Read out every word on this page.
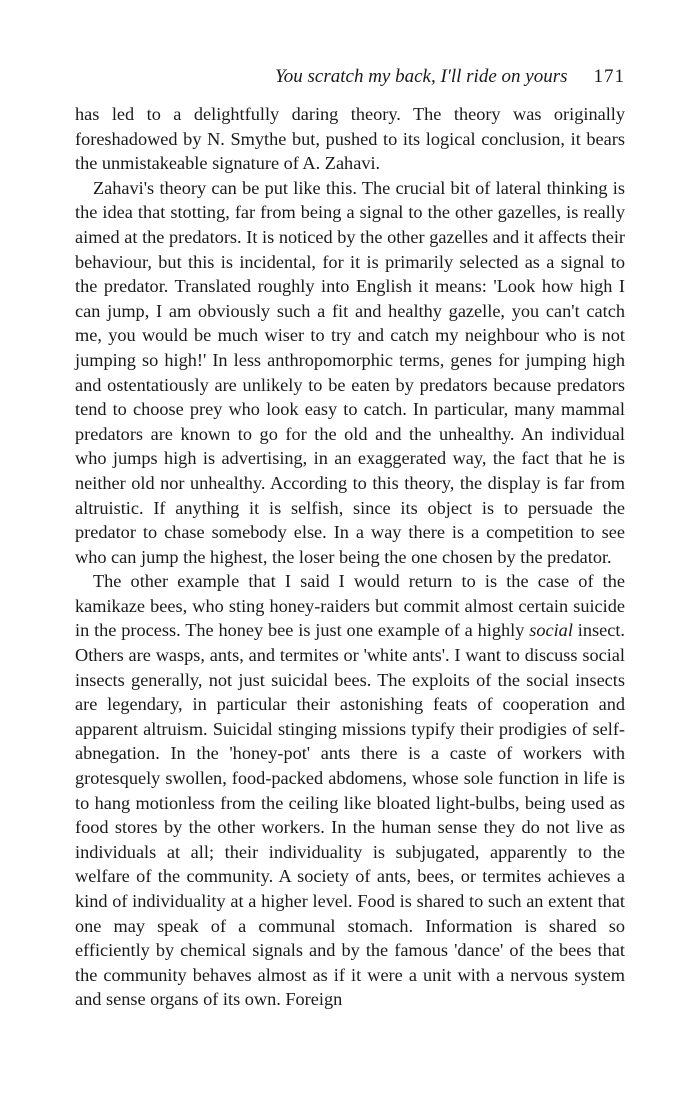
You scratch my back, I'll ride on yours 171

has led to a delightfully daring theory. The theory was originally foreshadowed by N. Smythe but, pushed to its logical conclusion, it bears the unmistakeable signature of A. Zahavi.

Zahavi's theory can be put like this. The crucial bit of lateral thinking is the idea that stotting, far from being a signal to the other gazelles, is really aimed at the predators. It is noticed by the other gazelles and it affects their behaviour, but this is incidental, for it is primarily selected as a signal to the predator. Translated roughly into English it means: 'Look how high I can jump, I am obviously such a fit and healthy gazelle, you can't catch me, you would be much wiser to try and catch my neighbour who is not jumping so high!' In less anthropomorphic terms, genes for jumping high and ostentatiously are unlikely to be eaten by predators because predators tend to choose prey who look easy to catch. In particular, many mammal predators are known to go for the old and the unhealthy. An individual who jumps high is advertising, in an exaggerated way, the fact that he is neither old nor unhealthy. According to this theory, the display is far from altruistic. If anything it is selfish, since its object is to persuade the predator to chase somebody else. In a way there is a competition to see who can jump the highest, the loser being the one chosen by the predator.

The other example that I said I would return to is the case of the kamikaze bees, who sting honey-raiders but commit almost certain suicide in the process. The honey bee is just one example of a highly social insect. Others are wasps, ants, and termites or 'white ants'. I want to discuss social insects generally, not just suicidal bees. The exploits of the social insects are legendary, in particular their astonishing feats of cooperation and apparent altruism. Suicidal stinging missions typify their prodigies of self-abnegation. In the 'honey-pot' ants there is a caste of workers with grotesquely swollen, food-packed abdomens, whose sole function in life is to hang motionless from the ceiling like bloated light-bulbs, being used as food stores by the other workers. In the human sense they do not live as individuals at all; their individuality is subjugated, apparently to the welfare of the community. A society of ants, bees, or termites achieves a kind of individuality at a higher level. Food is shared to such an extent that one may speak of a communal stomach. Information is shared so efficiently by chemical signals and by the famous 'dance' of the bees that the community behaves almost as if it were a unit with a nervous system and sense organs of its own. Foreign
